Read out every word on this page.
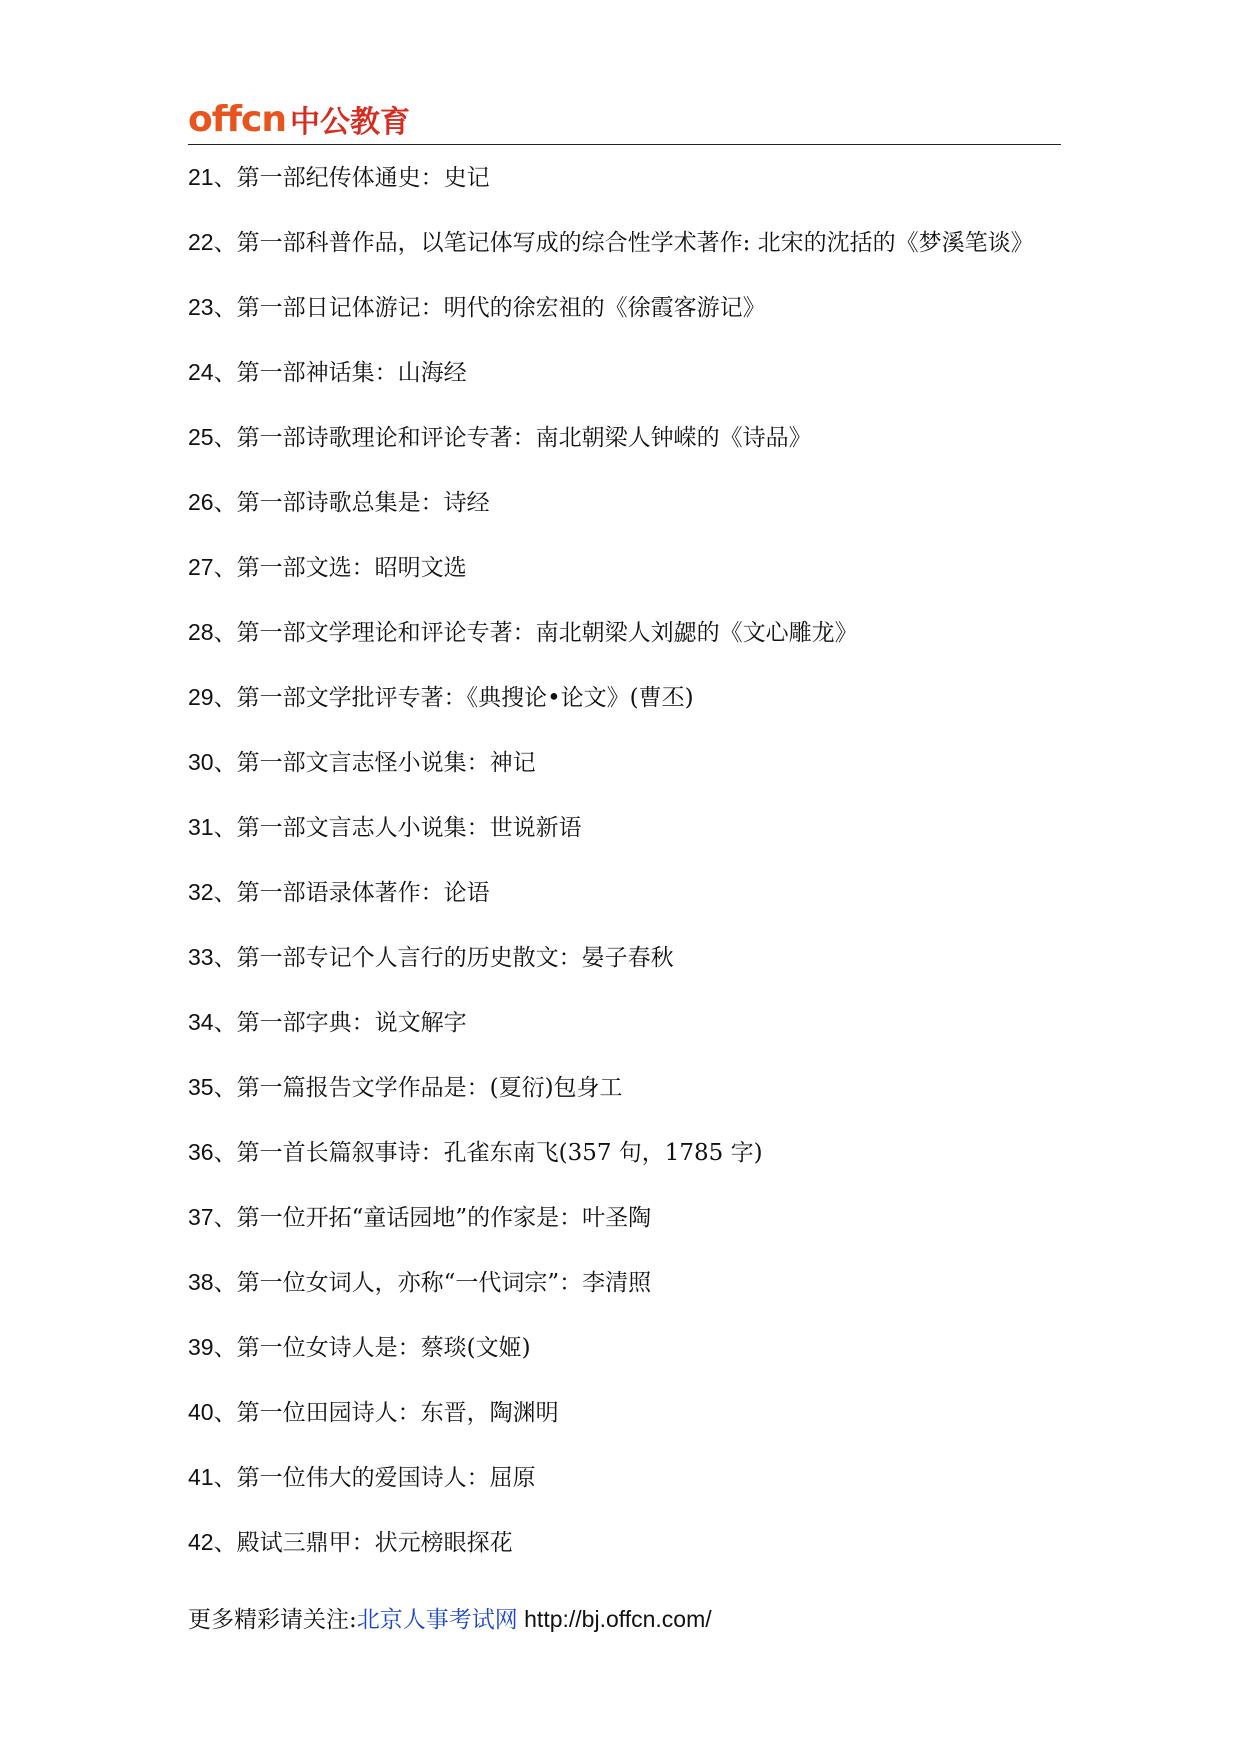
offcn 中公教育

21、第一部纪传体通史：史记

22、第一部科普作品，以笔记体写成的综合性学术著作: 北宋的沈括的《梦溪笔谈》

23、第一部日记体游记：明代的徐宏祖的《徐霞客游记》

24、第一部神话集：山海经

25、第一部诗歌理论和评论专著：南北朝梁人钟嵘的《诗品》

26、第一部诗歌总集是：诗经

27、第一部文选：昭明文选

28、第一部文学理论和评论专著：南北朝梁人刘勰的《文心雕龙》

29、第一部文学批评专著：《典搜论•论文》(曹丕)

30、第一部文言志怪小说集：神记

31、第一部文言志人小说集：世说新语

32、第一部语录体著作：论语

33、第一部专记个人言行的历史散文：晏子春秋

34、第一部字典：说文解字

35、第一篇报告文学作品是：(夏衍)包身工

36、第一首长篇叙事诗：孔雀东南飞(357 句，1785 字)

37、第一位开拓“童话园地”的作家是：叶圣陶

38、第一位女词人，亦称“一代词宗”：李清照

39、第一位女诗人是：蔡琰(文姬)

40、第一位田园诗人：东晋，陶渊明

41、第一位伟大的爱国诗人：屈原

42、殿试三鼎甲：状元榜眼探花

更多精彩请关注:北京人事考试网 http://bj.offcn.com/
